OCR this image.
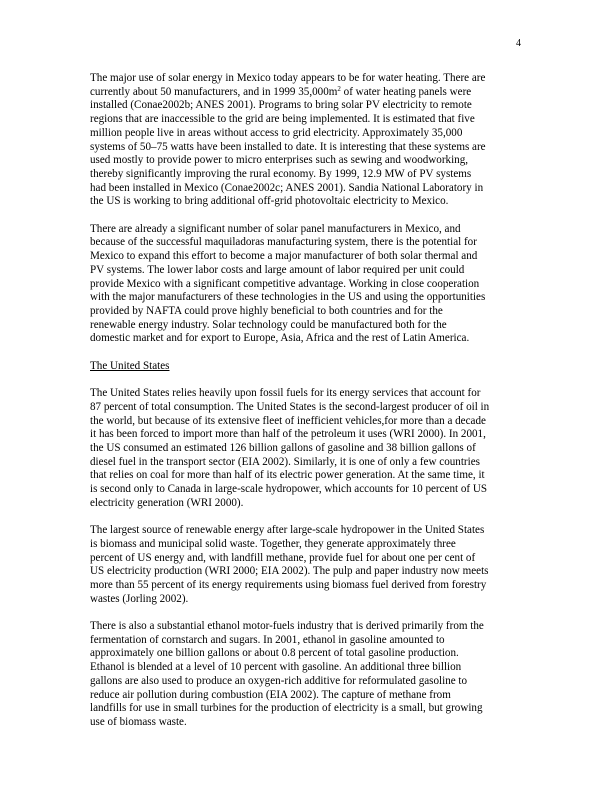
4

The major use of solar energy in Mexico today appears to be for water heating. There are
currently about 50 manufacturers, and in 1999 $35,000m^2$ of water heating panels were
installed (Conae2002b; ANES 2001). Programs to bring solar PV electricity to remote
regions that are inaccessible to the grid are being implemented. It is estimated that five
million people live in areas without access to grid electricity. Approximately 35,000
systems of 50–75 watts have been installed to date. It is interesting that these systems are
used mostly to provide power to micro enterprises such as sewing and woodworking,
thereby significantly improving the rural economy. By 1999, 12.9 MW of PV systems
had been installed in Mexico (Conae2002c; ANES 2001). Sandia National Laboratory in
the US is working to bring additional off-grid photovoltaic electricity to Mexico.

There are already a significant number of solar panel manufacturers in Mexico, and
because of the successful maquiladoras manufacturing system, there is the potential for
Mexico to expand this effort to become a major manufacturer of both solar thermal and
PV systems. The lower labor costs and large amount of labor required per unit could
provide Mexico with a significant competitive advantage. Working in close cooperation
with the major manufacturers of these technologies in the US and using the opportunities
provided by NAFTA could prove highly beneficial to both countries and for the
renewable energy industry. Solar technology could be manufactured both for the
domestic market and for export to Europe, Asia, Africa and the rest of Latin America.

The United States

The United States relies heavily upon fossil fuels for its energy services that account for
87 percent of total consumption. The United States is the second-largest producer of oil in
the world, but because of its extensive fleet of inefficient vehicles,for more than a decade
it has been forced to import more than half of the petroleum it uses (WRI 2000). In 2001,
the US consumed an estimated 126 billion gallons of gasoline and 38 billion gallons of
diesel fuel in the transport sector (EIA 2002). Similarly, it is one of only a few countries
that relies on coal for more than half of its electric power generation. At the same time, it
is second only to Canada in large-scale hydropower, which accounts for 10 percent of US
electricity generation (WRI 2000).

The largest source of renewable energy after large-scale hydropower in the United States
is biomass and municipal solid waste. Together, they generate approximately three
percent of US energy and, with landfill methane, provide fuel for about one per cent of
US electricity production (WRI 2000; EIA 2002). The pulp and paper industry now meets
more than 55 percent of its energy requirements using biomass fuel derived from forestry
wastes (Jorling 2002).

There is also a substantial ethanol motor-fuels industry that is derived primarily from the
fermentation of cornstarch and sugars. In 2001, ethanol in gasoline amounted to
approximately one billion gallons or about 0.8 percent of total gasoline production.
Ethanol is blended at a level of 10 percent with gasoline. An additional three billion
gallons are also used to produce an oxygen-rich additive for reformulated gasoline to
reduce air pollution during combustion (EIA 2002). The capture of methane from
landfills for use in small turbines for the production of electricity is a small, but growing
use of biomass waste.
